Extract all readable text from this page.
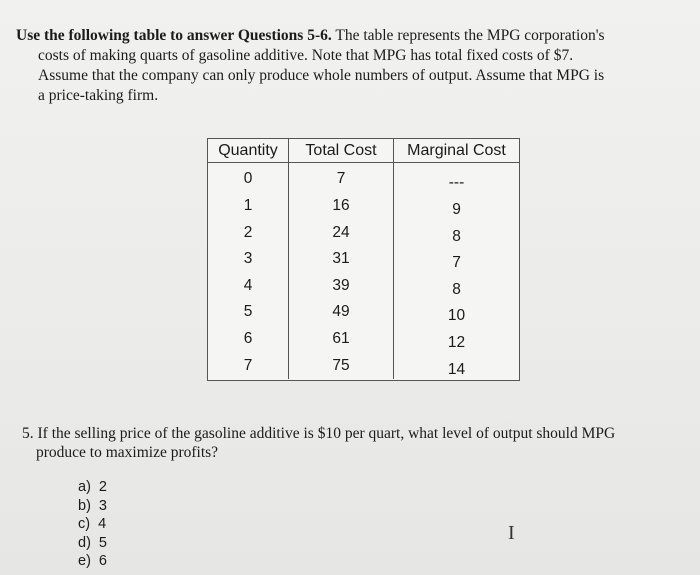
Use the following table to answer Questions 5-6. The table represents the MPG corporation's

costs of making quarts of gasoline additive. Note that MPG has total fixed costs of $7.

Assume that the company can only produce whole numbers of output. Assume that MPG is

a price-taking firm.

Quantity	Total Cost	Marginal Cost
0
1
2
3
4
5
6
7
7
16
24
31
39
49
61
75
---
9
8
7
8
10
12
14

5. If the selling price of the gasoline additive is $10 per quart, what level of output should MPG

produce to maximize profits?

a) 2
b) 3
c) 4
d) 5
e) 6
I
